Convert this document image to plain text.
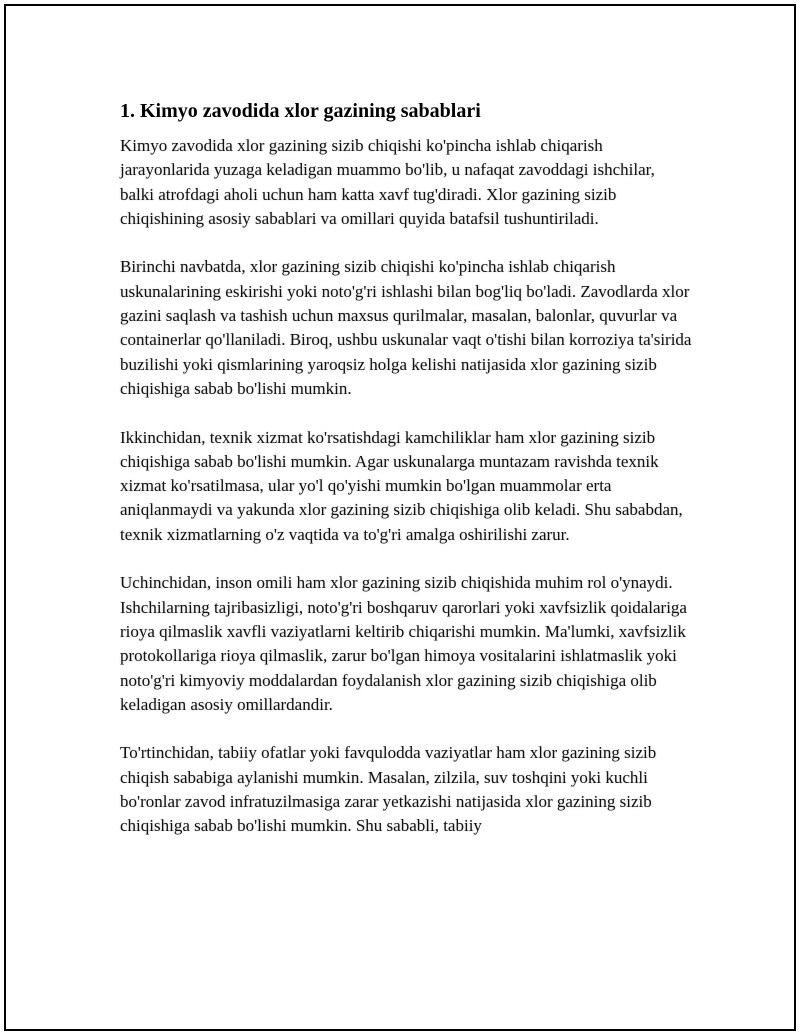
1. Kimyo zavodida xlor gazining sabablari

Kimyo zavodida xlor gazining sizib chiqishi ko'pincha ishlab chiqarish jarayonlarida yuzaga keladigan muammo bo'lib, u nafaqat zavoddagi ishchilar, balki atrofdagi aholi uchun ham katta xavf tug'diradi. Xlor gazining sizib chiqishining asosiy sabablari va omillari quyida batafsil tushuntiriladi.

Birinchi navbatda, xlor gazining sizib chiqishi ko'pincha ishlab chiqarish uskunalarining eskirishi yoki noto'g'ri ishlashi bilan bog'liq bo'ladi. Zavodlarda xlor gazini saqlash va tashish uchun maxsus qurilmalar, masalan, balonlar, quvurlar va containerlar qo'llaniladi. Biroq, ushbu uskunalar vaqt o'tishi bilan korroziya ta'sirida buzilishi yoki qismlarining yaroqsiz holga kelishi natijasida xlor gazining sizib chiqishiga sabab bo'lishi mumkin.

Ikkinchidan, texnik xizmat ko'rsatishdagi kamchiliklar ham xlor gazining sizib chiqishiga sabab bo'lishi mumkin. Agar uskunalarga muntazam ravishda texnik xizmat ko'rsatilmasa, ular yo'l qo'yishi mumkin bo'lgan muammolar erta aniqlanmaydi va yakunda xlor gazining sizib chiqishiga olib keladi. Shu sababdan, texnik xizmatlarning o'z vaqtida va to'g'ri amalga oshirilishi zarur.

Uchinchidan, inson omili ham xlor gazining sizib chiqishida muhim rol o'ynaydi. Ishchilarning tajribasizligi, noto'g'ri boshqaruv qarorlari yoki xavfsizlik qoidalariga rioya qilmaslik xavfli vaziyatlarni keltirib chiqarishi mumkin. Ma'lumki, xavfsizlik protokollariga rioya qilmaslik, zarur bo'lgan himoya vositalarini ishlatmaslik yoki noto'g'ri kimyoviy moddalardan foydalanish xlor gazining sizib chiqishiga olib keladigan asosiy omillardandir.

To'rtinchidan, tabiiy ofatlar yoki favqulodda vaziyatlar ham xlor gazining sizib chiqish sababiga aylanishi mumkin. Masalan, zilzila, suv toshqini yoki kuchli bo'ronlar zavod infratuzilmasiga zarar yetkazishi natijasida xlor gazining sizib chiqishiga sabab bo'lishi mumkin. Shu sababli, tabiiy
